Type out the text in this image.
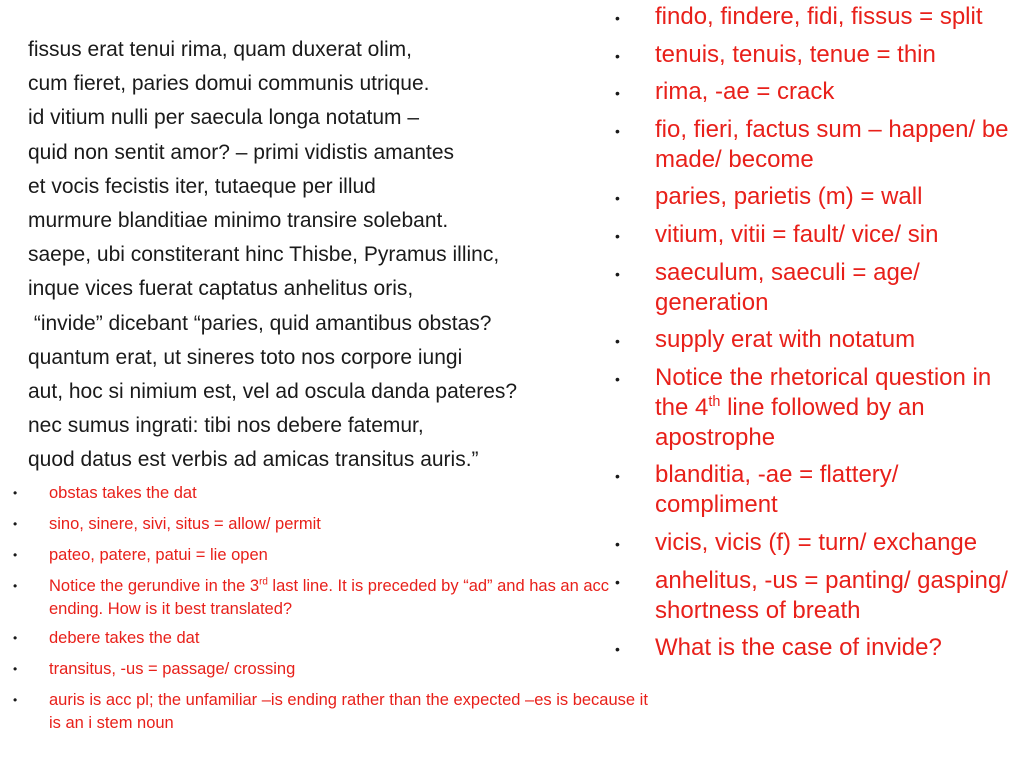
fissus erat tenui rima, quam duxerat olim,
cum fieret, paries domui communis utrique.
id vitium nulli per saecula longa notatum –
quid non sentit amor? – primi vidistis amantes
et vocis fecistis iter, tutaeque per illud
murmure blanditiae minimo transire solebant.
saepe, ubi constiterant hinc Thisbe, Pyramus illinc,
inque vices fuerat captatus anhelitus oris,
“invide” dicebant “paries, quid amantibus obstas?
quantum erat, ut sineres toto nos corpore iungi
aut, hoc si nimium est, vel ad oscula danda pateres?
nec sumus ingrati: tibi nos debere fatemur,
quod datus est verbis ad amicas transitus auris.”
• obstas takes the dat
• sino, sinere, sivi, situs = allow/ permit
• pateo, patere, patui = lie open
• Notice the gerundive in the 3rd last line. It is preceded by “ad” and has an acc ending. How is it best translated?
• debere takes the dat
• transitus, -us = passage/ crossing
• auris is acc pl; the unfamiliar –is ending rather than the expected –es is because it is an i stem noun
• findo, findere, fidi, fissus = split
• tenuis, tenuis, tenue = thin
• rima, -ae = crack
• fio, fieri, factus sum – happen/ be made/ become
• paries, parietis (m) = wall
• vitium, vitii = fault/ vice/ sin
• saeculum, saeculi = age/ generation
• supply erat with notatum
• Notice the rhetorical question in the 4th line followed by an apostrophe
• blanditia, -ae = flattery/ compliment
• vicis, vicis (f) = turn/ exchange
• anhelitus, -us = panting/ gasping/ shortness of breath
• What is the case of invide?
